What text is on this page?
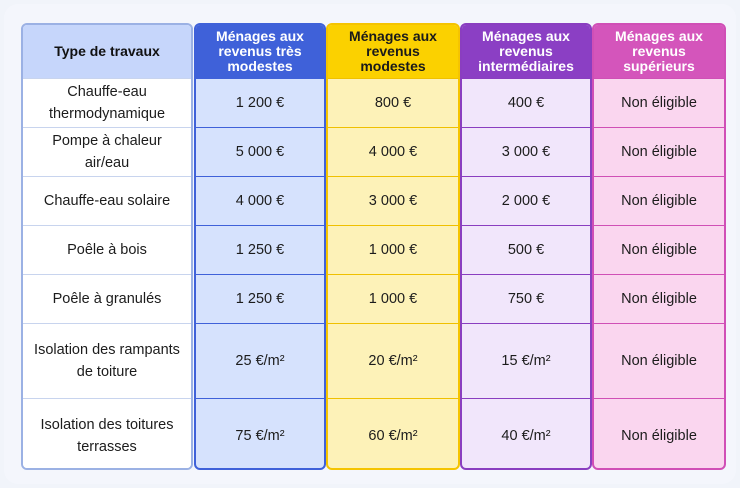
Type de travaux
Chauffe-eau thermodynamique
Pompe à chaleur air/eau
Chauffe-eau solaire
Poêle à bois
Poêle à granulés
Isolation des rampants de toiture
Isolation des toitures terrasses
Ménages aux revenus très modestes
1 200 €
5 000 €
4 000 €
1 250 €
1 250 €
25 €/m²
75 €/m²
Ménages aux revenus modestes
800 €
4 000 €
3 000 €
1 000 €
1 000 €
20 €/m²
60 €/m²
Ménages aux revenus intermédiaires
400 €
3 000 €
2 000 €
500 €
750 €
15 €/m²
40 €/m²
Ménages aux revenus supérieurs
Non éligible
Non éligible
Non éligible
Non éligible
Non éligible
Non éligible
Non éligible
